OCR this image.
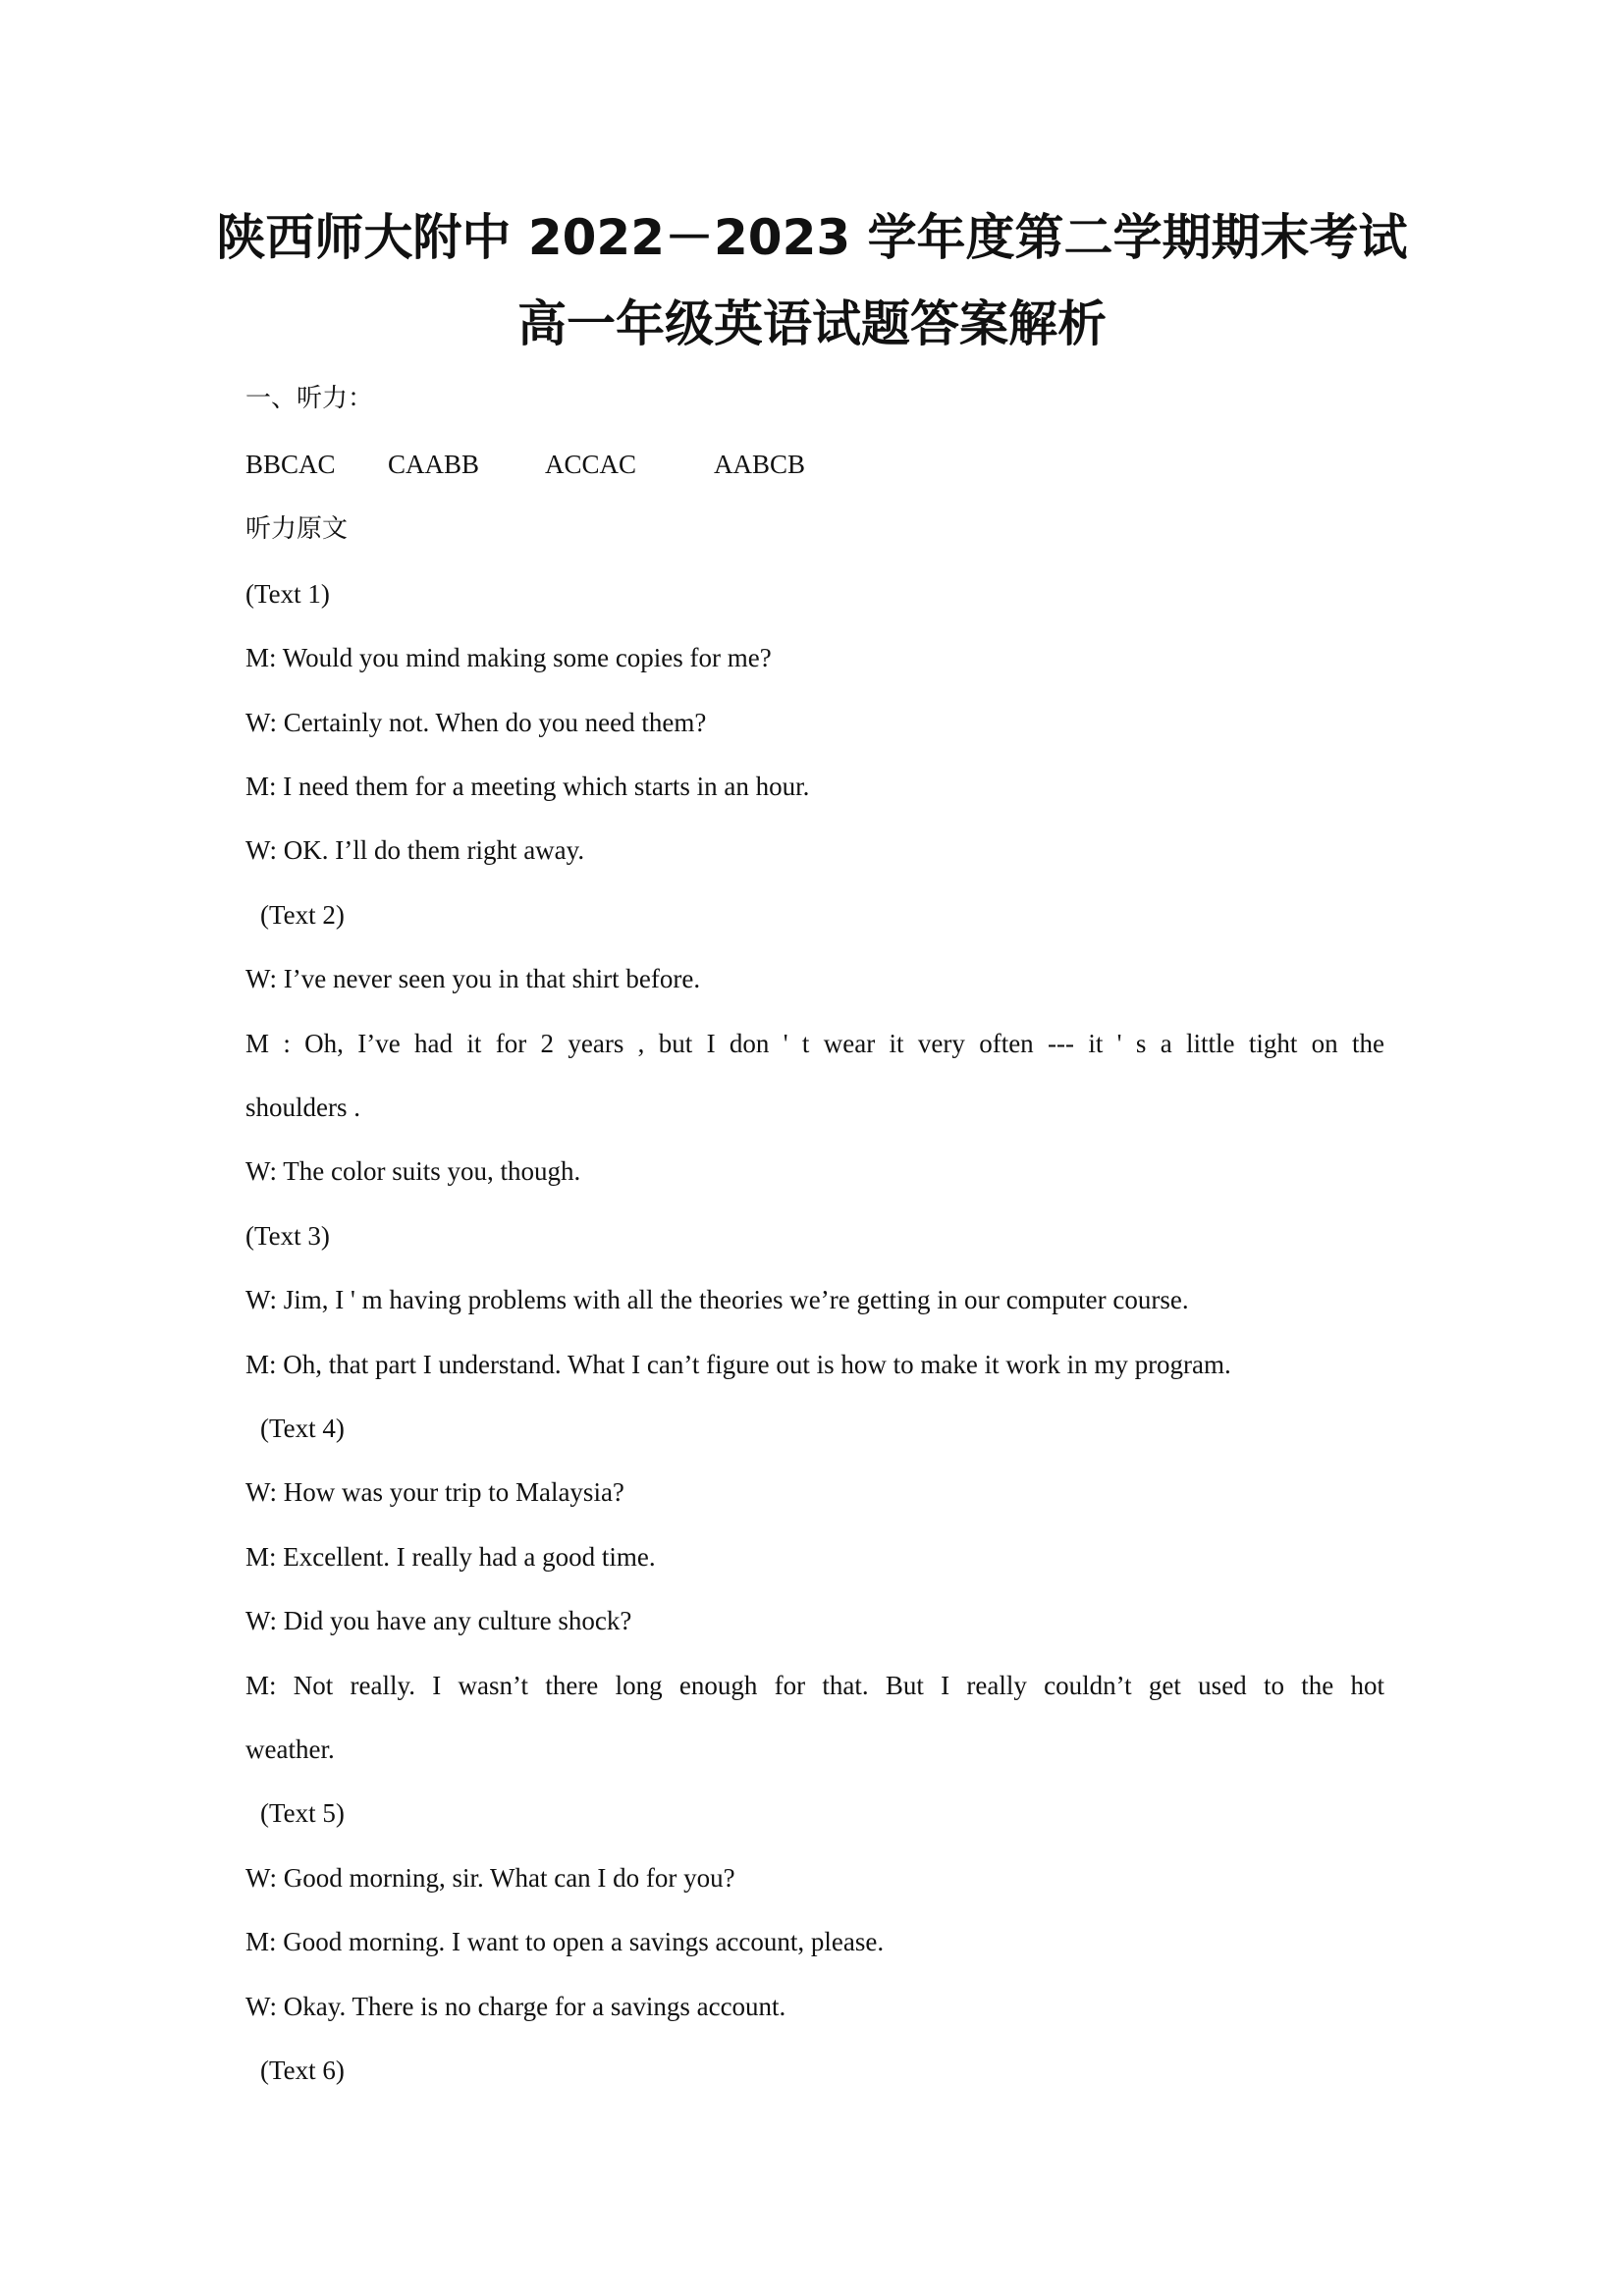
陕西师大附中 2022－2023 学年度第二学期期末考试
高一年级英语试题答案解析

一、听力：

BBCAC CAABB ACCAC	AABCB

听力原文

(Text 1)

M: Would you mind making some copies for me?

W: Certainly not. When do you need them?

M: I need them for a meeting which starts in an hour.

W: OK. I’ll do them right away.

(Text 2)

W: I’ve never seen you in that shirt before.

M : Oh, I’ve had it for 2 years , but I don ' t wear it very often --- it ' s a little tight on the

shoulders .

W: The color suits you, though.

(Text 3)

W: Jim, I ' m having problems with all the theories we’re getting in our computer course.

M: Oh, that part I understand. What I can’t figure out is how to make it work in my program.

(Text 4)

W: How was your trip to Malaysia?

M: Excellent. I really had a good time.

W: Did you have any culture shock?

M: Not really. I wasn’t there long enough for that. But I really couldn’t get used to the hot

weather.

(Text 5)

W: Good morning, sir. What can I do for you?

M: Good morning. I want to open a savings account, please.

W: Okay. There is no charge for a savings account.

(Text 6)
